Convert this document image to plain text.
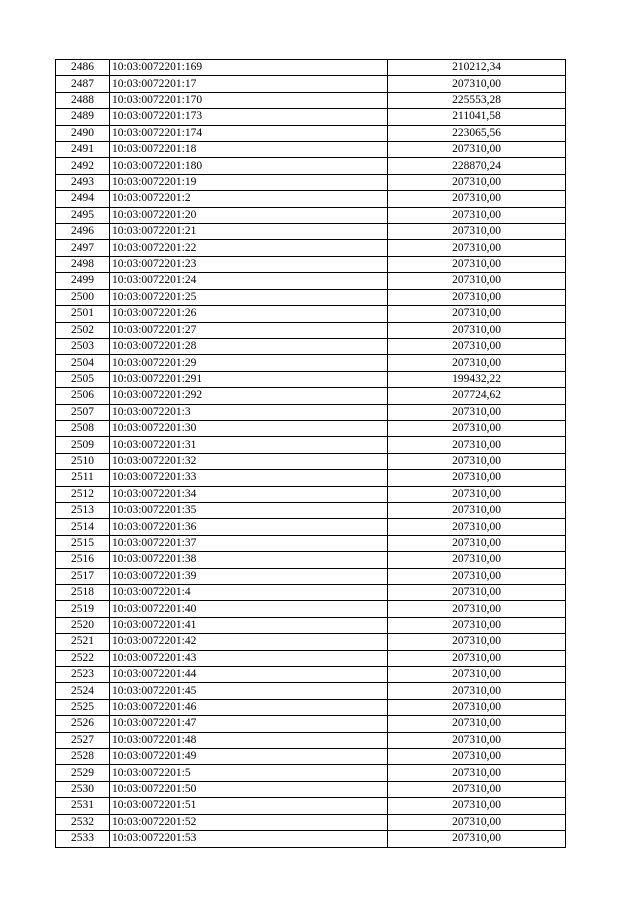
2486	10:03:0072201:169	210212,34
2487	10:03:0072201:17	207310,00
2488	10:03:0072201:170	225553,28
2489	10:03:0072201:173	211041,58
2490	10:03:0072201:174	223065,56
2491	10:03:0072201:18	207310,00
2492	10:03:0072201:180	228870,24
2493	10:03:0072201:19	207310,00
2494	10:03:0072201:2	207310,00
2495	10:03:0072201:20	207310,00
2496	10:03:0072201:21	207310,00
2497	10:03:0072201:22	207310,00
2498	10:03:0072201:23	207310,00
2499	10:03:0072201:24	207310,00
2500	10:03:0072201:25	207310,00
2501	10:03:0072201:26	207310,00
2502	10:03:0072201:27	207310,00
2503	10:03:0072201:28	207310,00
2504	10:03:0072201:29	207310,00
2505	10:03:0072201:291	199432,22
2506	10:03:0072201:292	207724,62
2507	10:03:0072201:3	207310,00
2508	10:03:0072201:30	207310,00
2509	10:03:0072201:31	207310,00
2510	10:03:0072201:32	207310,00
2511	10:03:0072201:33	207310,00
2512	10:03:0072201:34	207310,00
2513	10:03:0072201:35	207310,00
2514	10:03:0072201:36	207310,00
2515	10:03:0072201:37	207310,00
2516	10:03:0072201:38	207310,00
2517	10:03:0072201:39	207310,00
2518	10:03:0072201:4	207310,00
2519	10:03:0072201:40	207310,00
2520	10:03:0072201:41	207310,00
2521	10:03:0072201:42	207310,00
2522	10:03:0072201:43	207310,00
2523	10:03:0072201:44	207310,00
2524	10:03:0072201:45	207310,00
2525	10:03:0072201:46	207310,00
2526	10:03:0072201:47	207310,00
2527	10:03:0072201:48	207310,00
2528	10:03:0072201:49	207310,00
2529	10:03:0072201:5	207310,00
2530	10:03:0072201:50	207310,00
2531	10:03:0072201:51	207310,00
2532	10:03:0072201:52	207310,00
2533	10:03:0072201:53	207310,00
